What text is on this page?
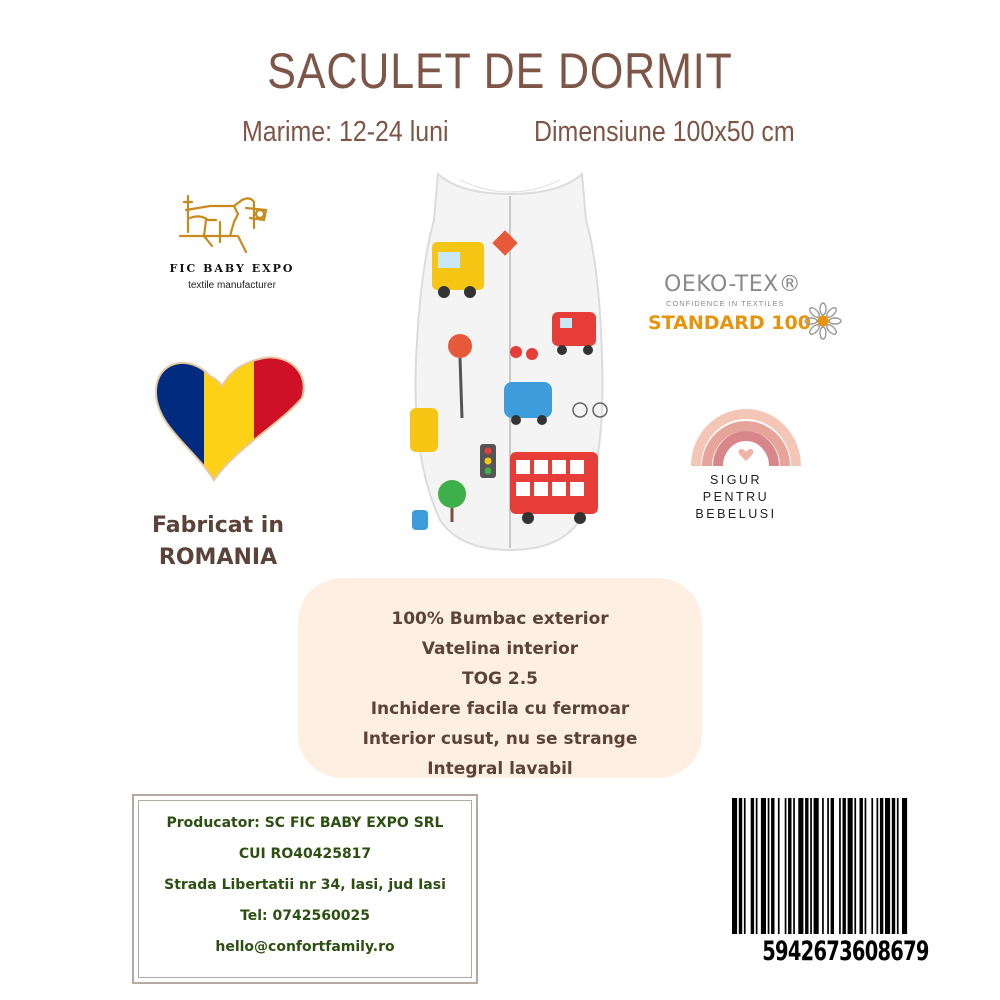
SACULET DE DORMIT
Marime: 12-24 luni	Dimensiune 100x50 cm
FIC BABY EXPO
textile manufacturer
Fabricat in
ROMANIA
OEKO-TEX®
CONFIDENCE IN TEXTILES
STANDARD 100
SIGUR
PENTRU
BEBELUSI
100% Bumbac exterior
Vatelina interior
TOG 2.5
Inchidere facila cu fermoar
Interior cusut, nu se strange
Integral lavabil
Producator: SC FIC BABY EXPO SRL
CUI RO40425817
Strada Libertatii nr 34, Iasi, jud Iasi
Tel: 0742560025
hello@confortfamily.ro	5942673608679
